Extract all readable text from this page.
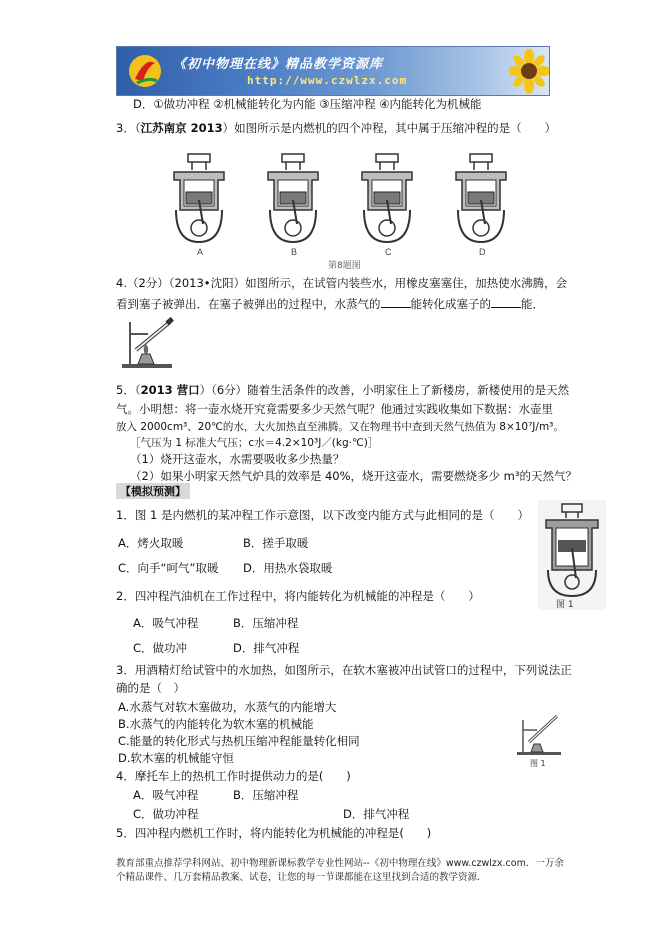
《初中物理在线》精品教学资源库
http://www.czwlzx.com
D．①做功冲程 ②机械能转化为内能 ③压缩冲程 ④内能转化为机械能
3．（江苏南京 2013）如图所示是内燃机的四个冲程，其中属于压缩冲程的是（　　）
A	B	C	D
第8题图
4.（2分）（2013•沈阳）如图所示，在试管内装些水，用橡皮塞塞住，加热使水沸腾，会
看到塞子被弹出．在塞子被弹出的过程中，水蒸气的	能转化成塞子的	能．
5．（2013 营口）（6分）随着生活条件的改善，小明家住上了新楼房，新楼使用的是天然
气。小明想：将一壶水烧开究竟需要多少天然气呢？他通过实践收集如下数据：水壶里
放入 2000cm³、20℃的水，大火加热直至沸腾。又在物理书中查到天然气热值为 8×10⁷J/m³。
［气压为 1 标准大气压；c水＝4.2×10³J／(kg·℃)］
（1）烧开这壶水，水需要吸收多少热量？
（2）如果小明家天然气炉具的效率是 40%，烧开这壶水，需要燃烧多少 m³的天然气？
【模拟预测】
1．图 1 是内燃机的某冲程工作示意图，以下改变内能方式与此相同的是（　　）
A．烤火取暖	B．搓手取暖
C．向手“呵气”取暖 D．用热水袋取暖
图 1
2．四冲程汽油机在工作过程中，将内能转化为机械能的冲程是（　　）
A．吸气冲程	B．压缩冲程
C．做功冲	D．排气冲程
3．用酒精灯给试管中的水加热，如图所示，在软木塞被冲出试管口的过程中，下列说法正
确的是（　）
A.水蒸气对软木塞做功，水蒸气的内能增大
B.水蒸气的内能转化为软木塞的机械能
C.能量的转化形式与热机压缩冲程能量转化相同
D.软木塞的机械能守恒	图 1
4．摩托车上的热机工作时提供动力的是(　　)
A．吸气冲程	B．压缩冲程
C．做功冲程	D．排气冲程
5．四冲程内燃机工作时，将内能转化为机械能的冲程是(　　)
教育部重点推荐学科网站、初中物理新课标教学专业性网站--《初中物理在线》www.czwlzx.com．一万余
个精品课件、几万套精品教案、试卷，让您的每一节课都能在这里找到合适的教学资源．
